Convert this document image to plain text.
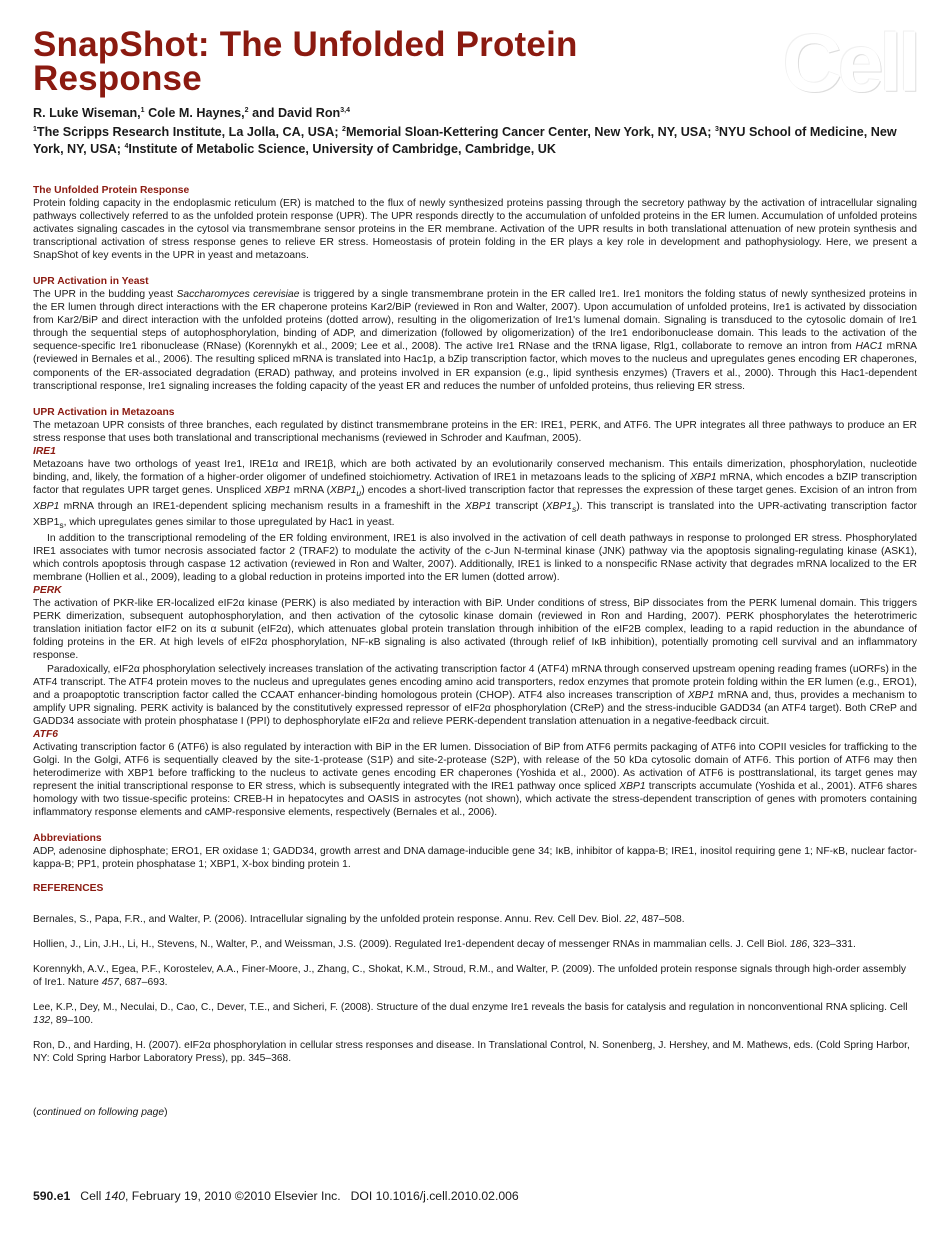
Cell
SnapShot: The Unfolded Protein
Response
R. Luke Wiseman,$^1$ Cole M. Haynes,$^2$ and David Ron$^{3,4}$
$^1$The Scripps Research Institute, La Jolla, CA, USA; $^2$Memorial Sloan-Kettering Cancer Center, New York, NY, USA; $^3$NYU School of Medicine, New York, NY, USA; $^4$Institute of Metabolic Science, University of Cambridge, Cambridge, UK
The Unfolded Protein Response

Protein folding capacity in the endoplasmic reticulum (ER) is matched to the flux of newly synthesized proteins passing through the secretory pathway by the activation of intracellular signaling pathways collectively referred to as the unfolded protein response (UPR). The UPR responds directly to the accumulation of unfolded proteins in the ER lumen. Accumulation of unfolded proteins activates signaling cascades in the cytosol via transmembrane sensor proteins in the ER membrane. Activation of the UPR results in both translational attenuation of new protein synthesis and transcriptional activation of stress response genes to relieve ER stress. Homeostasis of protein folding in the ER plays a key role in development and pathophysiology. Here, we present a SnapShot of key events in the UPR in yeast and metazoans.

UPR Activation in Yeast

The UPR in the budding yeast Saccharomyces cerevisiae is triggered by a single transmembrane protein in the ER called Ire1. Ire1 monitors the folding status of newly synthesized proteins in the ER lumen through direct interactions with the ER chaperone proteins Kar2/BiP (reviewed in Ron and Walter, 2007). Upon accumulation of unfolded proteins, Ire1 is activated by dissociation from Kar2/BiP and direct interaction with the unfolded proteins (dotted arrow), resulting in the oligomerization of Ire1's lumenal domain. Signaling is transduced to the cytosolic domain of Ire1 through the sequential steps of autophosphorylation, binding of ADP, and dimerization (followed by oligomerization) of the Ire1 endoribonuclease domain. This leads to the activation of the sequence-specific Ire1 ribonuclease (RNase) (Korennykh et al., 2009; Lee et al., 2008). The active Ire1 RNase and the tRNA ligase, Rlg1, collaborate to remove an intron from HAC1 mRNA (reviewed in Bernales et al., 2006). The resulting spliced mRNA is translated into Hac1p, a bZip transcription factor, which moves to the nucleus and upregulates genes encoding ER chaperones, components of the ER-associated degradation (ERAD) pathway, and proteins involved in ER expansion (e.g., lipid synthesis enzymes) (Travers et al., 2000). Through this Hac1-dependent transcriptional response, Ire1 signaling increases the folding capacity of the yeast ER and reduces the number of unfolded proteins, thus relieving ER stress.

UPR Activation in Metazoans

The metazoan UPR consists of three branches, each regulated by distinct transmembrane proteins in the ER: IRE1, PERK, and ATF6. The UPR integrates all three pathways to produce an ER stress response that uses both translational and transcriptional mechanisms (reviewed in Schroder and Kaufman, 2005).

IRE1

Metazoans have two orthologs of yeast Ire1, IRE1α and IRE1β, which are both activated by an evolutionarily conserved mechanism. This entails dimerization, phosphorylation, nucleotide binding, and, likely, the formation of a higher-order oligomer of undefined stoichiometry. Activation of IRE1 in metazoans leads to the splicing of XBP1 mRNA, which encodes a bZIP transcription factor that regulates UPR target genes. Unspliced XBP1 mRNA $(XBP1_u)$ encodes a short-lived transcription factor that represses the expression of these target genes. Excision of an intron from XBP1 mRNA through an IRE1-dependent splicing mechanism results in a frameshift in the XBP1 transcript $(XBP1_s)$. This transcript is translated into the UPR-activating transcription factor $XBP1_s$, which upregulates genes similar to those upregulated by Hac1 in yeast.

In addition to the transcriptional remodeling of the ER folding environment, IRE1 is also involved in the activation of cell death pathways in response to prolonged ER stress. Phosphorylated IRE1 associates with tumor necrosis associated factor 2 (TRAF2) to modulate the activity of the c-Jun N-terminal kinase (JNK) pathway via the apoptosis signaling-regulating kinase (ASK1), which controls apoptosis through caspase 12 activation (reviewed in Ron and Walter, 2007). Additionally, IRE1 is linked to a nonspecific RNase activity that degrades mRNA localized to the ER membrane (Hollien et al., 2009), leading to a global reduction in proteins imported into the ER lumen (dotted arrow).

PERK

The activation of PKR-like ER-localized eIF2α kinase (PERK) is also mediated by interaction with BiP. Under conditions of stress, BiP dissociates from the PERK lumenal domain. This triggers PERK dimerization, subsequent autophosphorylation, and then activation of the cytosolic kinase domain (reviewed in Ron and Harding, 2007). PERK phosphorylates the heterotrimeric translation initiation factor eIF2 on its α subunit (eIF2α), which attenuates global protein translation through inhibition of the eIF2B complex, leading to a rapid reduction in the abundance of folding proteins in the ER. At high levels of eIF2α phosphorylation, NF-κB signaling is also activated (through relief of IκB inhibition), potentially promoting cell survival and an inflammatory response.

Paradoxically, eIF2α phosphorylation selectively increases translation of the activating transcription factor 4 (ATF4) mRNA through conserved upstream opening reading frames (uORFs) in the ATF4 transcript. The ATF4 protein moves to the nucleus and upregulates genes encoding amino acid transporters, redox enzymes that promote protein folding within the ER lumen (e.g., ERO1), and a proapoptotic transcription factor called the CCAAT enhancer-binding homologous protein (CHOP). ATF4 also increases transcription of XBP1 mRNA and, thus, provides a mechanism to amplify UPR signaling. PERK activity is balanced by the constitutively expressed repressor of eIF2α phosphorylation (CReP) and the stress-inducible GADD34 (an ATF4 target). Both CReP and GADD34 associate with protein phosphatase I (PPI) to dephosphorylate eIF2α and relieve PERK-dependent translation attenuation in a negative-feedback circuit.

ATF6

Activating transcription factor 6 (ATF6) is also regulated by interaction with BiP in the ER lumen. Dissociation of BiP from ATF6 permits packaging of ATF6 into COPII vesicles for trafficking to the Golgi. In the Golgi, ATF6 is sequentially cleaved by the site-1-protease (S1P) and site-2-protease (S2P), with release of the 50 kDa cytosolic domain of ATF6. This portion of ATF6 may then heterodimerize with XBP1 before trafficking to the nucleus to activate genes encoding ER chaperones (Yoshida et al., 2000). As activation of ATF6 is posttranslational, its target genes may represent the initial transcriptional response to ER stress, which is subsequently integrated with the IRE1 pathway once spliced XBP1 transcripts accumulate (Yoshida et al., 2001). ATF6 shares homology with two tissue-specific proteins: CREB-H in hepatocytes and OASIS in astrocytes (not shown), which activate the stress-dependent transcription of genes with promoters containing inflammatory response elements and cAMP-responsive elements, respectively (Bernales et al., 2006).

Abbreviations

ADP, adenosine diphosphate; ERO1, ER oxidase 1; GADD34, growth arrest and DNA damage-inducible gene 34; IκB, inhibitor of kappa-B; IRE1, inositol requiring gene 1; NF-κB, nuclear factor-kappa-B; PP1, protein phosphatase 1; XBP1, X-box binding protein 1.

REFERENCES

Bernales, S., Papa, F.R., and Walter, P. (2006). Intracellular signaling by the unfolded protein response. Annu. Rev. Cell Dev. Biol. 22, 487–508.

Hollien, J., Lin, J.H., Li, H., Stevens, N., Walter, P., and Weissman, J.S. (2009). Regulated Ire1-dependent decay of messenger RNAs in mammalian cells. J. Cell Biol. 186, 323–331.

Korennykh, A.V., Egea, P.F., Korostelev, A.A., Finer-Moore, J., Zhang, C., Shokat, K.M., Stroud, R.M., and Walter, P. (2009). The unfolded protein response signals through high-order assembly of Ire1. Nature 457, 687–693.

Lee, K.P., Dey, M., Neculai, D., Cao, C., Dever, T.E., and Sicheri, F. (2008). Structure of the dual enzyme Ire1 reveals the basis for catalysis and regulation in nonconventional RNA splicing. Cell 132, 89–100.

Ron, D., and Harding, H. (2007). eIF2α phosphorylation in cellular stress responses and disease. In Translational Control, N. Sonenberg, J. Hershey, and M. Mathews, eds. (Cold Spring Harbor, NY: Cold Spring Harbor Laboratory Press), pp. 345–368.

(continued on following page)
590.e1 Cell 140, February 19, 2010 ©2010 Elsevier Inc. DOI 10.1016/j.cell.2010.02.006
